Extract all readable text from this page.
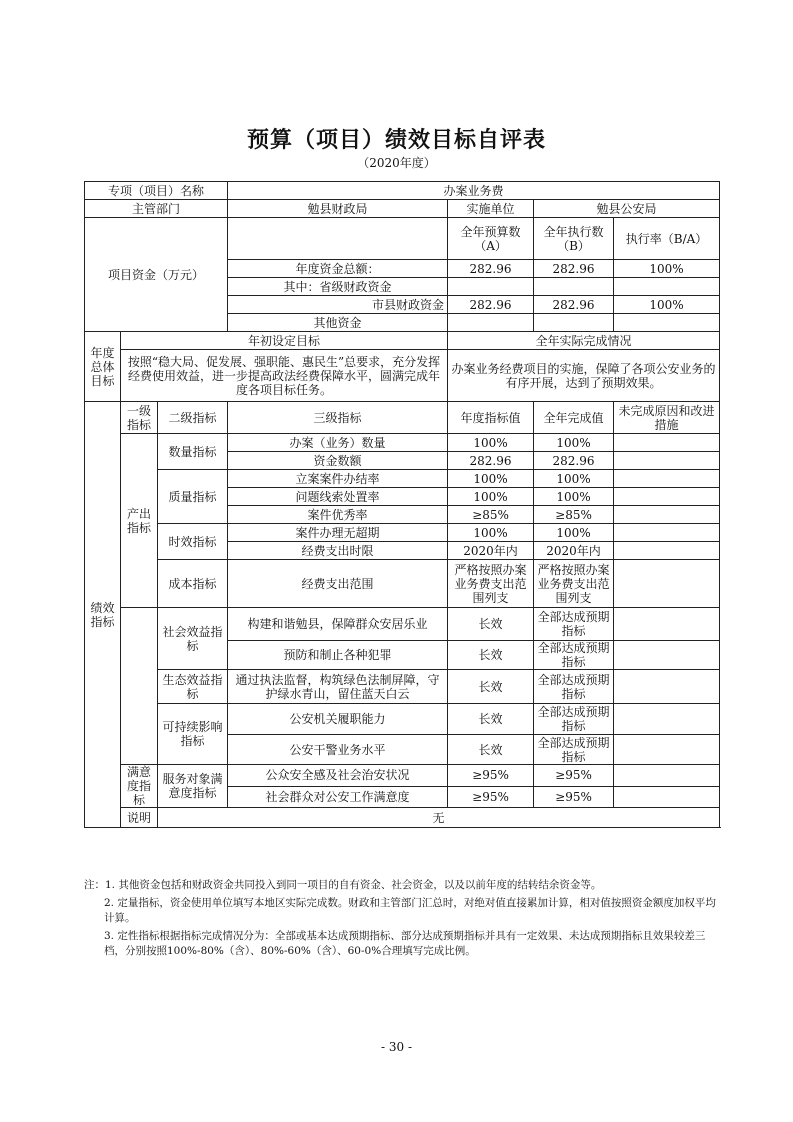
预算（项目）绩效目标自评表
（2020年度）
专项（项目）名称			办案业务费			
主管部门			勉县财政局	实施单位	勉县公安局	
项目资金（万元）				全年预算数（A）	全年执行数（B）	执行率（B/A）
			年度资金总额：	282.96	282.96	100%
			其中：省级财政资金			
			市县财政资金	282.96	282.96	100%
			其他资金			
年度总体目标	年初设定目标			全年实际完成情况		
	按照“稳大局、促发展、强职能、惠民生”总要求，充分发挥经费使用效益，进一步提高政法经费保障水平，圆满完成年度各项目标任务。			办案业务经费项目的实施，保障了各项公安业务的有序开展，达到了预期效果。		
绩效指标	一级指标	二级指标	三级指标	年度指标值	全年完成值	未完成原因和改进措施
	产出指标	数量指标	办案（业务）数量	100%	100%	
			资金数额	282.96	282.96	
		质量指标	立案案件办结率	100%	100%	
			问题线索处置率	100%	100%	
			案件优秀率	≥85%	≥85%	
		时效指标	案件办理无超期	100%	100%	
			经费支出时限	2020年内	2020年内	
		成本指标	经费支出范围	严格按照办案业务费支出范围列支	严格按照办案业务费支出范围列支	
		社会效益指标	构建和谐勉县，保障群众安居乐业	长效	全部达成预期指标	
			预防和制止各种犯罪	长效	全部达成预期指标	
		生态效益指标	通过执法监督，构筑绿色法制屏障，守护绿水青山，留住蓝天白云	长效	全部达成预期指标	
		可持续影响指标	公安机关履职能力	长效	全部达成预期指标	
			公安干警业务水平	长效	全部达成预期指标	

	满意度指标	服务对象满意度指标	公众安全感及社会治安状况	≥95%	≥95%	
			社会群众对公安工作满意度	≥95%	≥95%	
	说明	无				

注：1. 其他资金包括和财政资金共同投入到同一项目的自有资金、社会资金，以及以前年度的结转结余资金等。

2. 定量指标，资金使用单位填写本地区实际完成数。财政和主管部门汇总时，对绝对值直接累加计算，相对值按照资金额度加权平均计算。

3. 定性指标根据指标完成情况分为：全部或基本达成预期指标、部分达成预期指标并具有一定效果、未达成预期指标且效果较差三档，分别按照100%-80%（含）、80%-60%（含）、60-0%合理填写完成比例。

- 30 -
